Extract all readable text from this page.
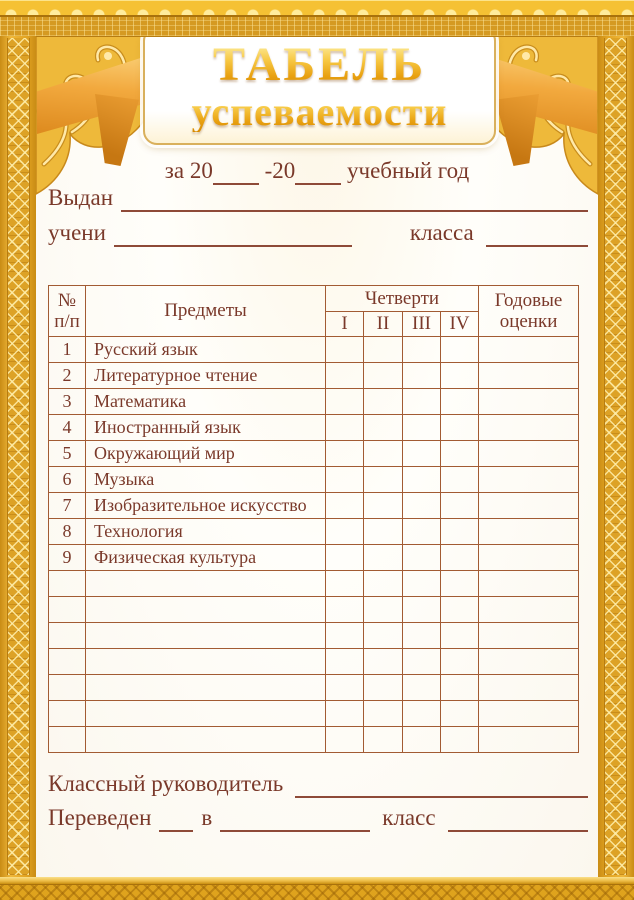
ТАБЕЛЬ
успеваемости
за 20 -20 учебный год
Выдан
учени	класса
№
п/п	Предметы	Четверти				Годовые оценки
		I	II	III	IV	
1	Русский язык					
2	Литературное чтение					
3	Математика					
4	Иностранный язык					
5	Окружающий мир					
6	Музыка					
7	Изобразительное искусство					
8	Технология					
9	Физическая культура					

Классный руководитель
Переведен в	класс
